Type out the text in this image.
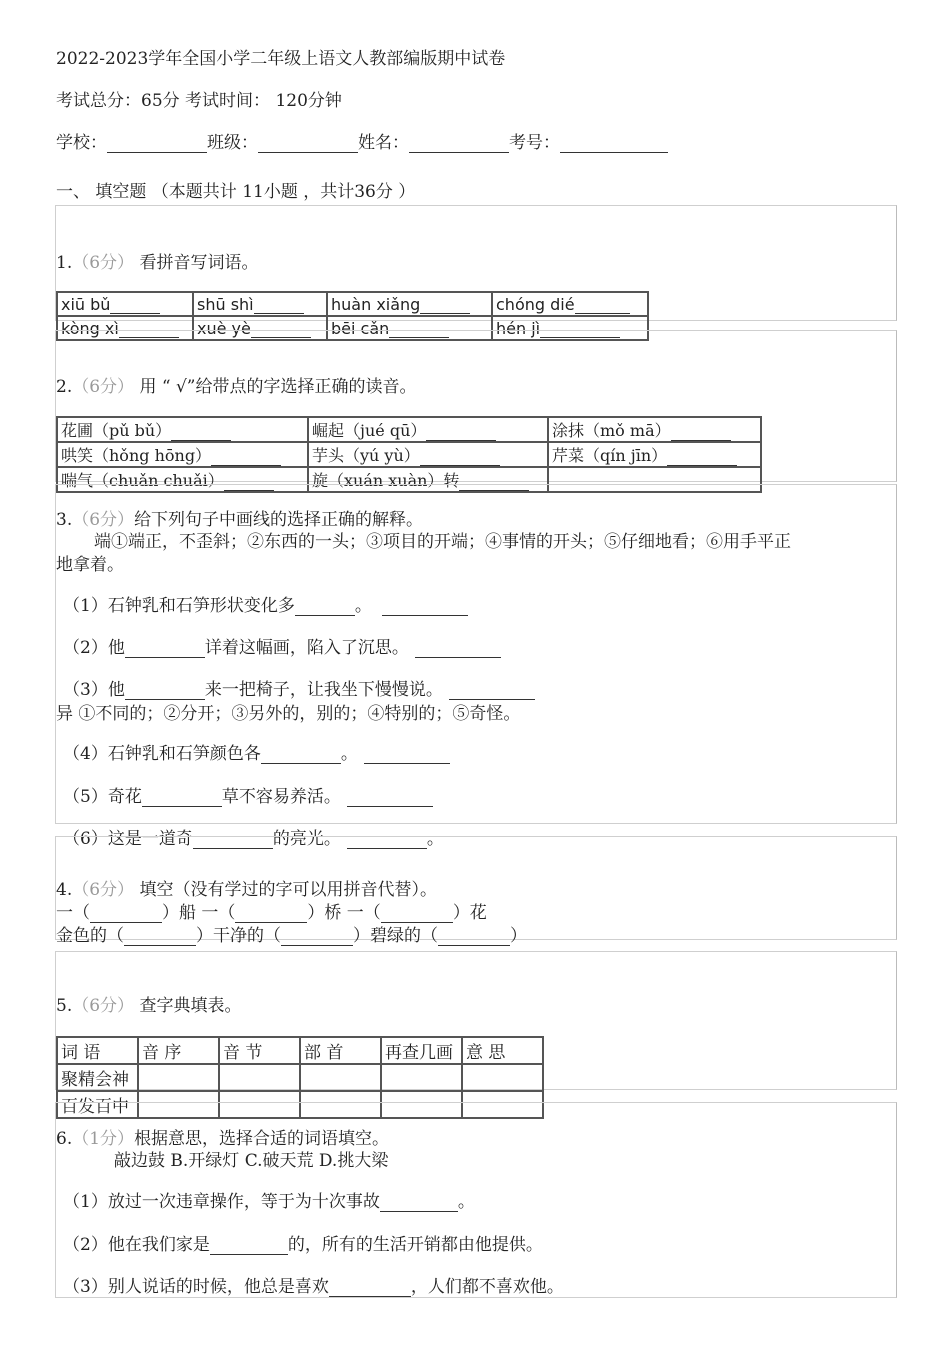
2022-2023学年全国小学二年级上语文人教部编版期中试卷
考试总分：65分 考试时间： 120分钟
学校：	班级：	姓名：	考号：
一、 填空题 （本题共计 11小题 ，共计36分 ）
1.（6分） 看拼音写词语。
xiū bǔ	shū shì	huàn xiǎng	chóng dié
kòng xì	xuè yè	bēi cǎn	hén jì
2.（6分） 用 “ √”给带点的字选择正确的读音。
花圃（pǔ bǔ）	崛起（jué qū）	涂抹（mǒ mā）
哄笑（hǒng hōng）	芋头（yú yù）	芹菜（qín jīn）
喘气（chuǎn chuǎi）	旋（xuán xuàn）转	
3.（6分）给下列句子中画线的选择正确的解释。
端①端正，不歪斜；②东西的一头；③项目的开端；④事情的开头；⑤仔细地看；⑥用手平正
地拿着。
（1）石钟乳和石笋形状变化多	。
（2）他	详着这幅画，陷入了沉思。
（3）他	来一把椅子，让我坐下慢慢说。
异 ①不同的；②分开；③另外的，别的；④特别的；⑤奇怪。
（4）石钟乳和石笋颜色各	。
（5）奇花	草不容易养活。
（6）这是一道奇	的亮光。	。
4.（6分） 填空（没有学过的字可以用拼音代替）。
一（	）船 一（	）桥 一（	）花
金色的（	）干净的（	）碧绿的（	）
5.（6分） 查字典填表。
词 语	音 序	音 节	部 首	再查几画	意 思
聚精会神					
百发百中					
6.（1分）根据意思，选择合适的词语填空。
敲边鼓 B.开绿灯 C.破天荒 D.挑大梁
（1）放过一次违章操作，等于为十次事故	。
（2）他在我们家是	的，所有的生活开销都由他提供。
（3）别人说话的时候，他总是喜欢	，人们都不喜欢他。
